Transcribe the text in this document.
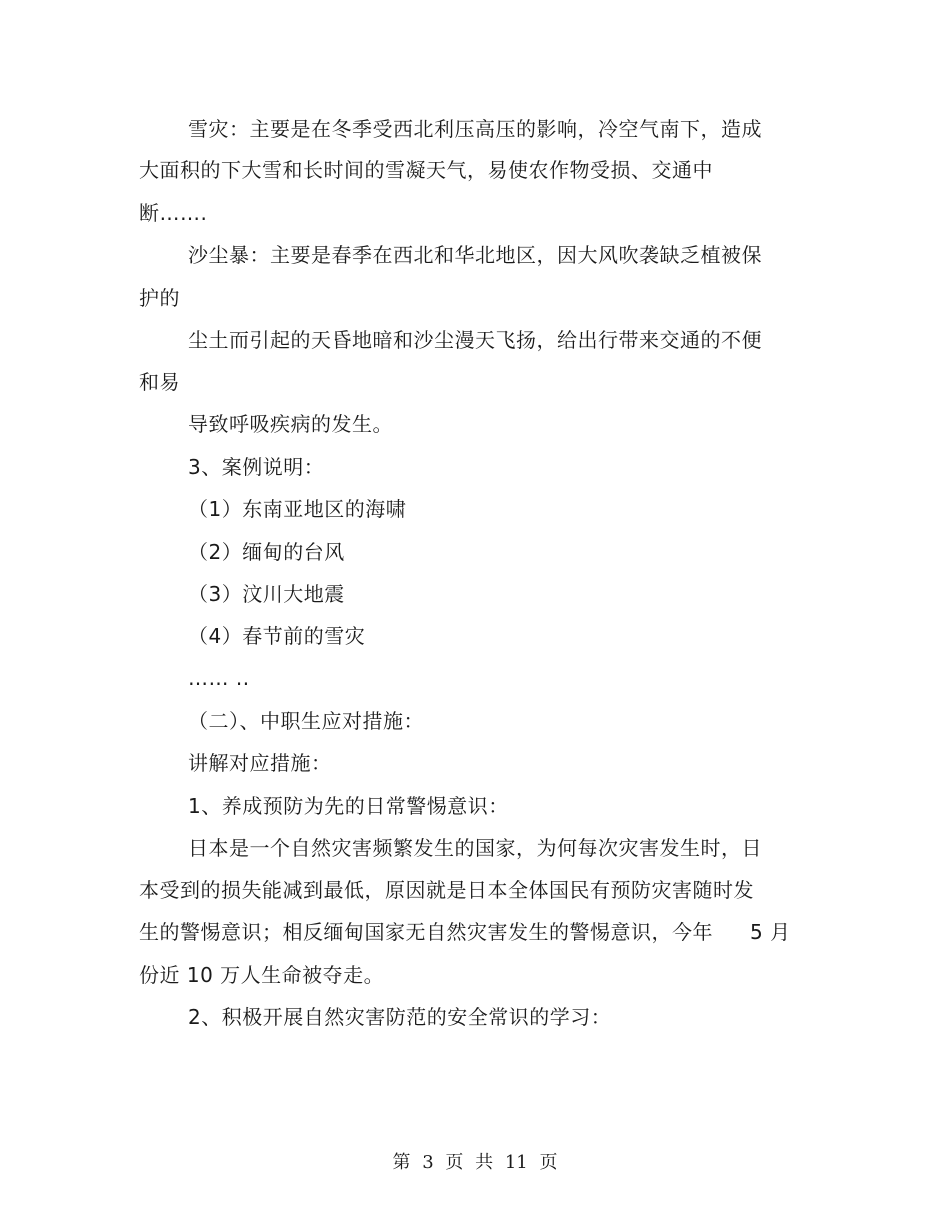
雪灾：主要是在冬季受西北利压高压的影响，冷空气南下，造成
大面积的下大雪和长时间的雪凝天气，易使农作物受损、交通中
断…….
沙尘暴：主要是春季在西北和华北地区，因大风吹袭缺乏植被保
护的
尘土而引起的天昏地暗和沙尘漫天飞扬，给出行带来交通的不便
和易
导致呼吸疾病的发生。
3、案例说明：
（1）东南亚地区的海啸
（2）缅甸的台风
（3）汶川大地震
（4）春节前的雪灾
…… ..
（二）、中职生应对措施：
讲解对应措施：
1、养成预防为先的日常警惕意识：
日本是一个自然灾害频繁发生的国家，为何每次灾害发生时，日
本受到的损失能减到最低，原因就是日本全体国民有预防灾害随时发
生的警惕意识；相反缅甸国家无自然灾害发生的警惕意识，今年 5 月
份近 10 万人生命被夺走。
2、积极开展自然灾害防范的安全常识的学习：
第 3 页 共 11 页
